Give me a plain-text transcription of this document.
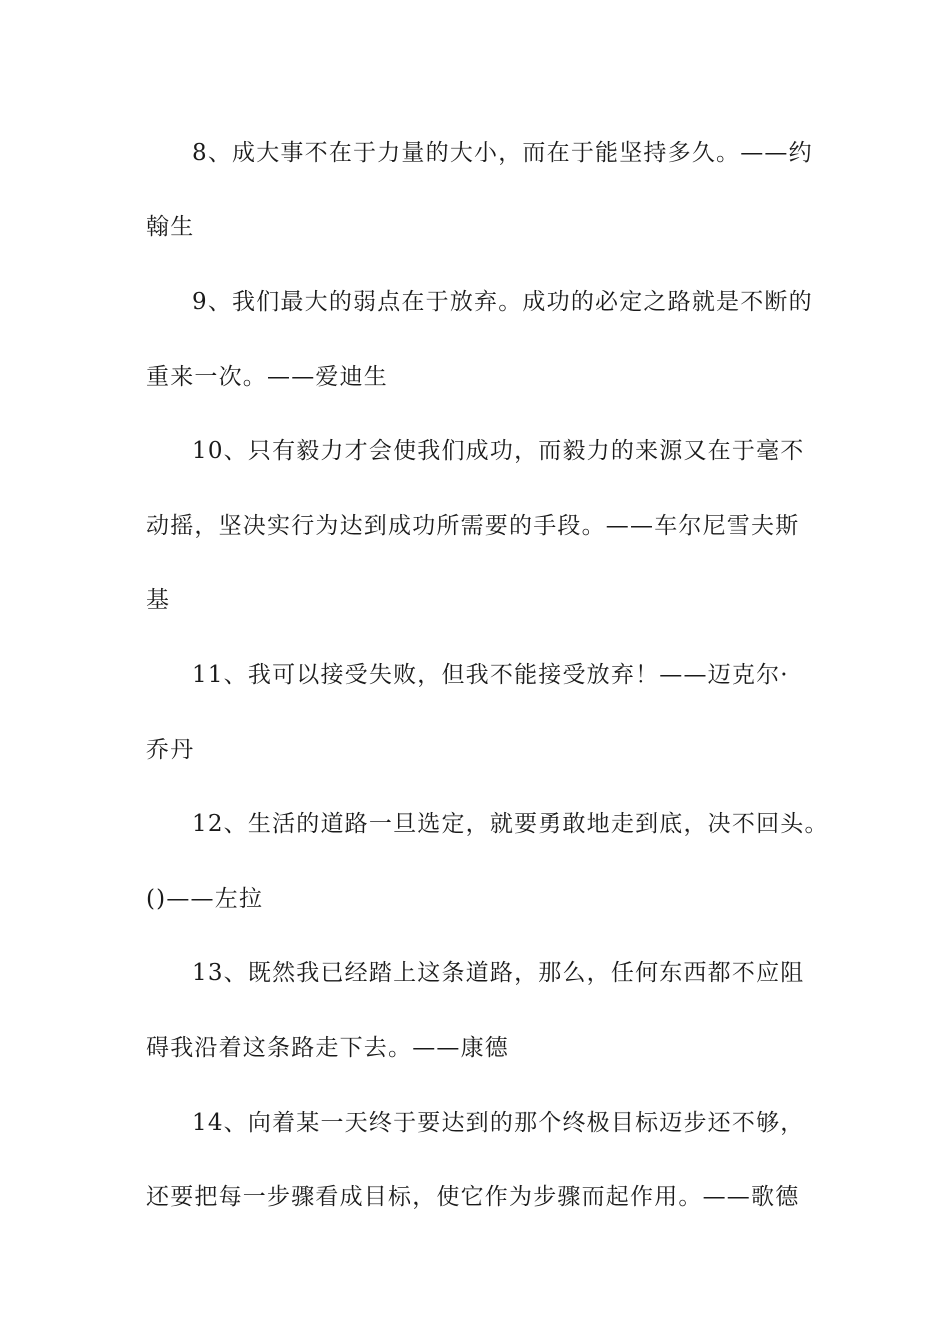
8、成大事不在于力量的大小，而在于能坚持多久。——约

翰生

9、我们最大的弱点在于放弃。成功的必定之路就是不断的

重来一次。——爱迪生

10、只有毅力才会使我们成功，而毅力的来源又在于毫不

动摇，坚决实行为达到成功所需要的手段。——车尔尼雪夫斯

基

11、我可以接受失败，但我不能接受放弃！——迈克尔·

乔丹

12、生活的道路一旦选定，就要勇敢地走到底，决不回头。

()——左拉

13、既然我已经踏上这条道路，那么，任何东西都不应阻

碍我沿着这条路走下去。——康德

14、向着某一天终于要达到的那个终极目标迈步还不够，

还要把每一步骤看成目标，使它作为步骤而起作用。——歌德
